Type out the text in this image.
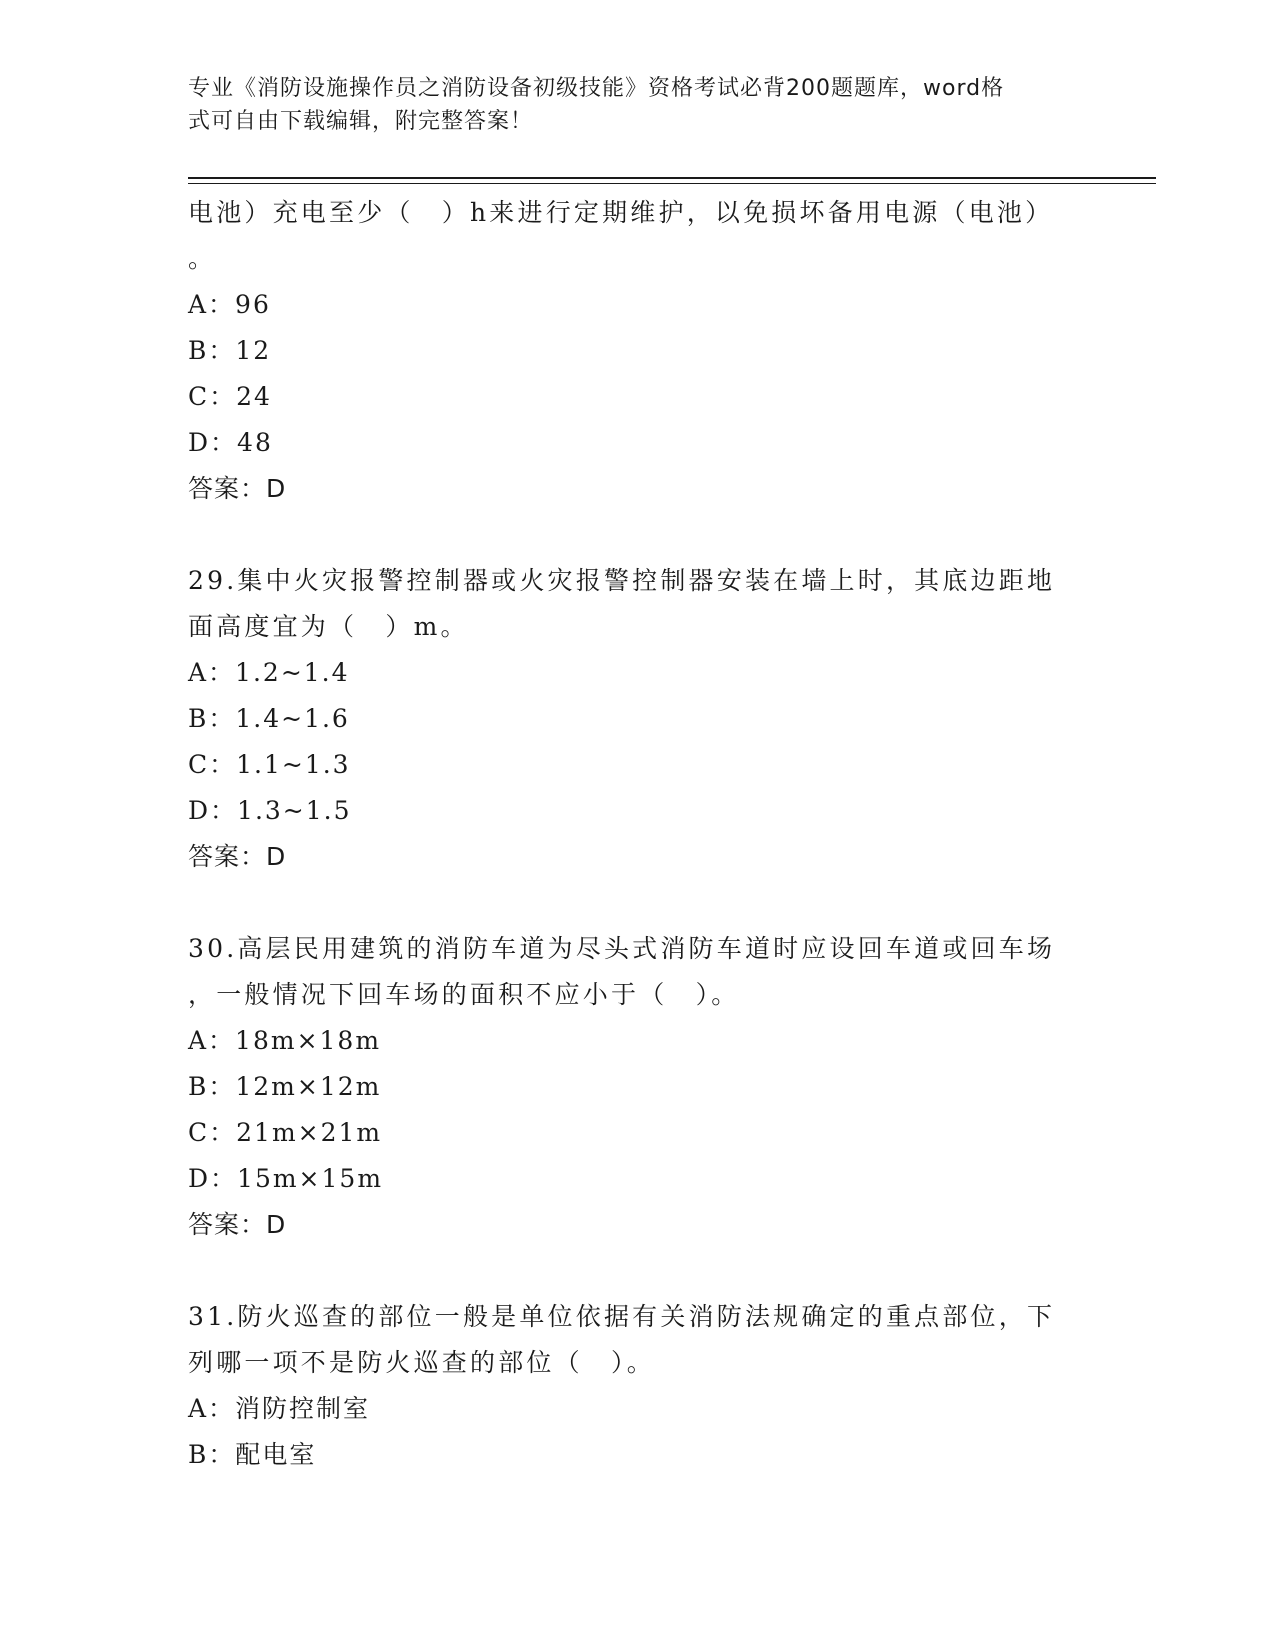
专业《消防设施操作员之消防设备初级技能》资格考试必背200题题库，word格
式可自由下载编辑，附完整答案！
电池）充电至少（　）h来进行定期维护，以免损坏备用电源（电池）
。
A：96
B：12
C：24
D：48
答案：D
29.集中火灾报警控制器或火灾报警控制器安装在墙上时，其底边距地
面高度宜为（　）m。
A：1.2~1.4
B：1.4~1.6
C：1.1~1.3
D：1.3~1.5
答案：D
30.高层民用建筑的消防车道为尽头式消防车道时应设回车道或回车场
，一般情况下回车场的面积不应小于（　）。
A：18m×18m
B：12m×12m
C：21m×21m
D：15m×15m
答案：D
31.防火巡查的部位一般是单位依据有关消防法规确定的重点部位，下
列哪一项不是防火巡查的部位（　）。
A：消防控制室
B：配电室
